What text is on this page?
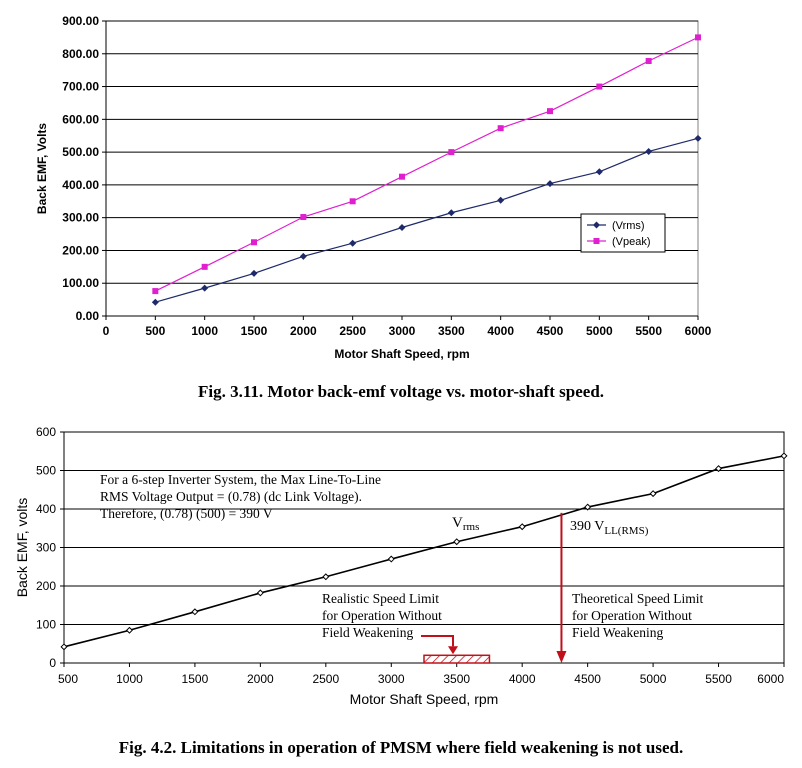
0.00
100.00
200.00
300.00
400.00
500.00
600.00
700.00
800.00
900.00
0	500 1000 1500 2000 2500 3000 3500 4000 4500 5000 5500 6000
Motor Shaft Speed, rpm
Back EMF, Volts
(Vrms)
(Vpeak)
0
100
200
300
400
500
600
500	1000	1500	2000	2500	3000	3500	4000	4500	5000	5500 6000
Motor Shaft Speed, rpm
Back EMF, volts
For a 6-step Inverter System, the Max Line-To-Line
RMS Voltage Output = (0.78) (dc Link Voltage).
Therefore, (0.78) (500) = 390 V
$V_{rms}$	390 $V_{LL(RMS)}$
Theoretical Speed Limit
for Operation Without
Field Weakening
Realistic Speed Limit
for Operation Without
Field Weakening
Fig. 3.11. Motor back-emf voltage vs. motor-shaft speed.
Fig. 4.2. Limitations in operation of PMSM where field weakening is not used.
